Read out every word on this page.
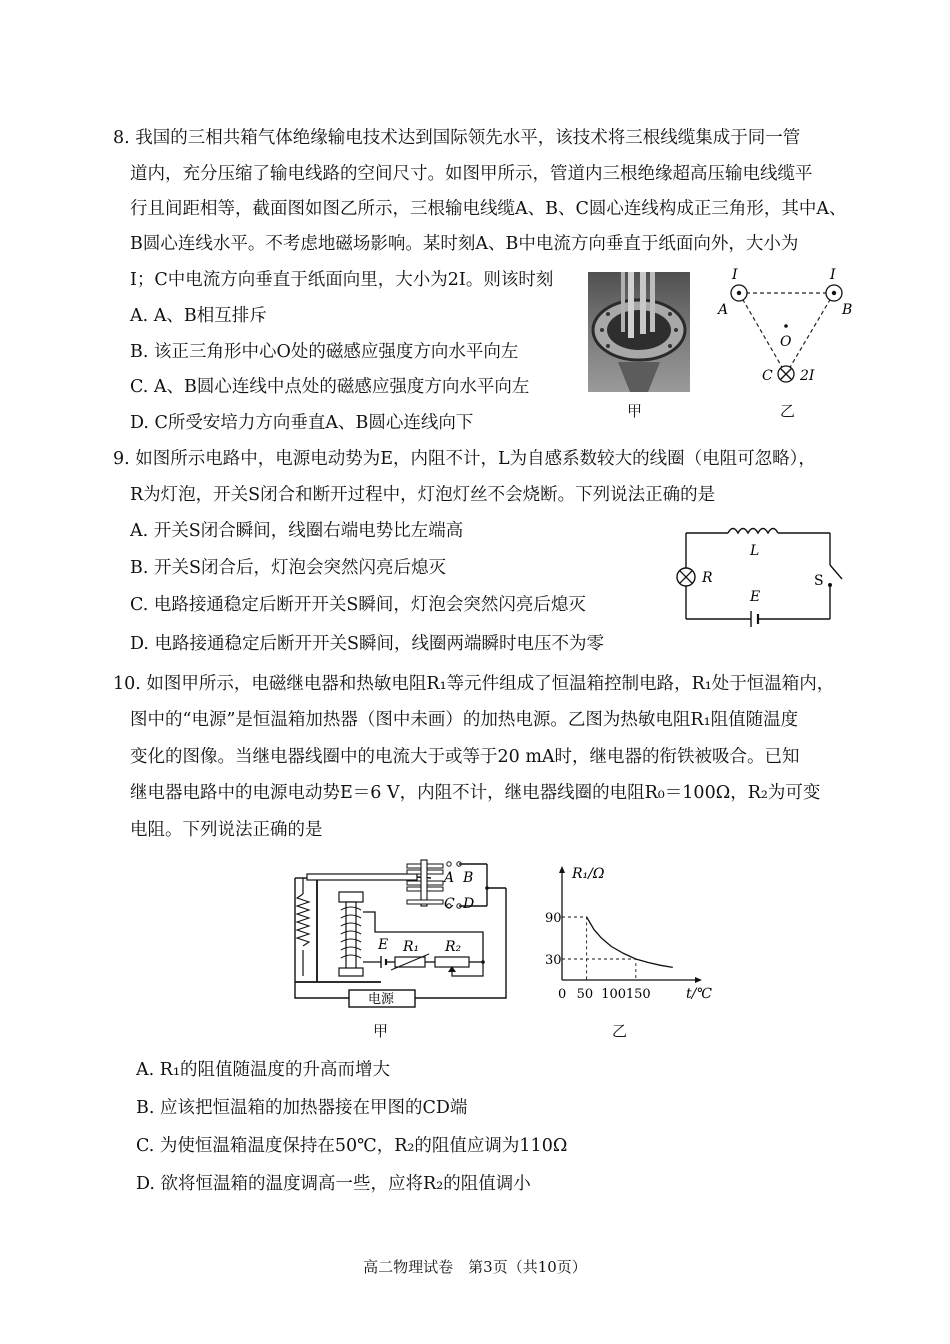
8. 我国的三相共箱气体绝缘输电技术达到国际领先水平，该技术将三根线缆集成于同一管
道内，充分压缩了输电线路的空间尺寸。如图甲所示，管道内三根绝缘超高压输电线缆平
行且间距相等，截面图如图乙所示，三根输电线缆A、B、C圆心连线构成正三角形，其中A、
B圆心连线水平。不考虑地磁场影响。某时刻A、B中电流方向垂直于纸面向外，大小为
I；C中电流方向垂直于纸面向里，大小为2I。则该时刻
A. A、B相互排斥
B. 该正三角形中心O处的磁感应强度方向水平向左
C. A、B圆心连线中点处的磁感应强度方向水平向左
D. C所受安培力方向垂直A、B圆心连线向下
甲
I	I
A	B
O
C 2I
乙
9. 如图所示电路中，电源电动势为E，内阻不计，L为自感系数较大的线圈（电阻可忽略），
R为灯泡，开关S闭合和断开过程中，灯泡灯丝不会烧断。下列说法正确的是
A. 开关S闭合瞬间，线圈右端电势比左端高
B. 开关S闭合后，灯泡会突然闪亮后熄灭
C. 电路接通稳定后断开开关S瞬间，灯泡会突然闪亮后熄灭
D. 电路接通稳定后断开开关S瞬间，线圈两端瞬时电压不为零
L
R
E
S
10. 如图甲所示，电磁继电器和热敏电阻R₁等元件组成了恒温箱控制电路，R₁处于恒温箱内，
图中的“电源”是恒温箱加热器（图中未画）的加热电源。乙图为热敏电阻R₁阻值随温度
变化的图像。当继电器线圈中的电流大于或等于20 mA时，继电器的衔铁被吸合。已知
继电器电路中的电源电动势E＝6 V，内阻不计，继电器线圈的电阻R₀＝100Ω，R₂为可变
电阻。下列说法正确的是
A B
C D
E R₁ R₂
电源
甲
50 100 150
30
90
R₁/Ω
t/℃
0
乙
A. R₁的阻值随温度的升高而增大
B. 应该把恒温箱的加热器接在甲图的CD端
C. 为使恒温箱温度保持在50℃，R₂的阻值应调为110Ω
D. 欲将恒温箱的温度调高一些，应将R₂的阻值调小
高二物理试卷　第3页（共10页）
